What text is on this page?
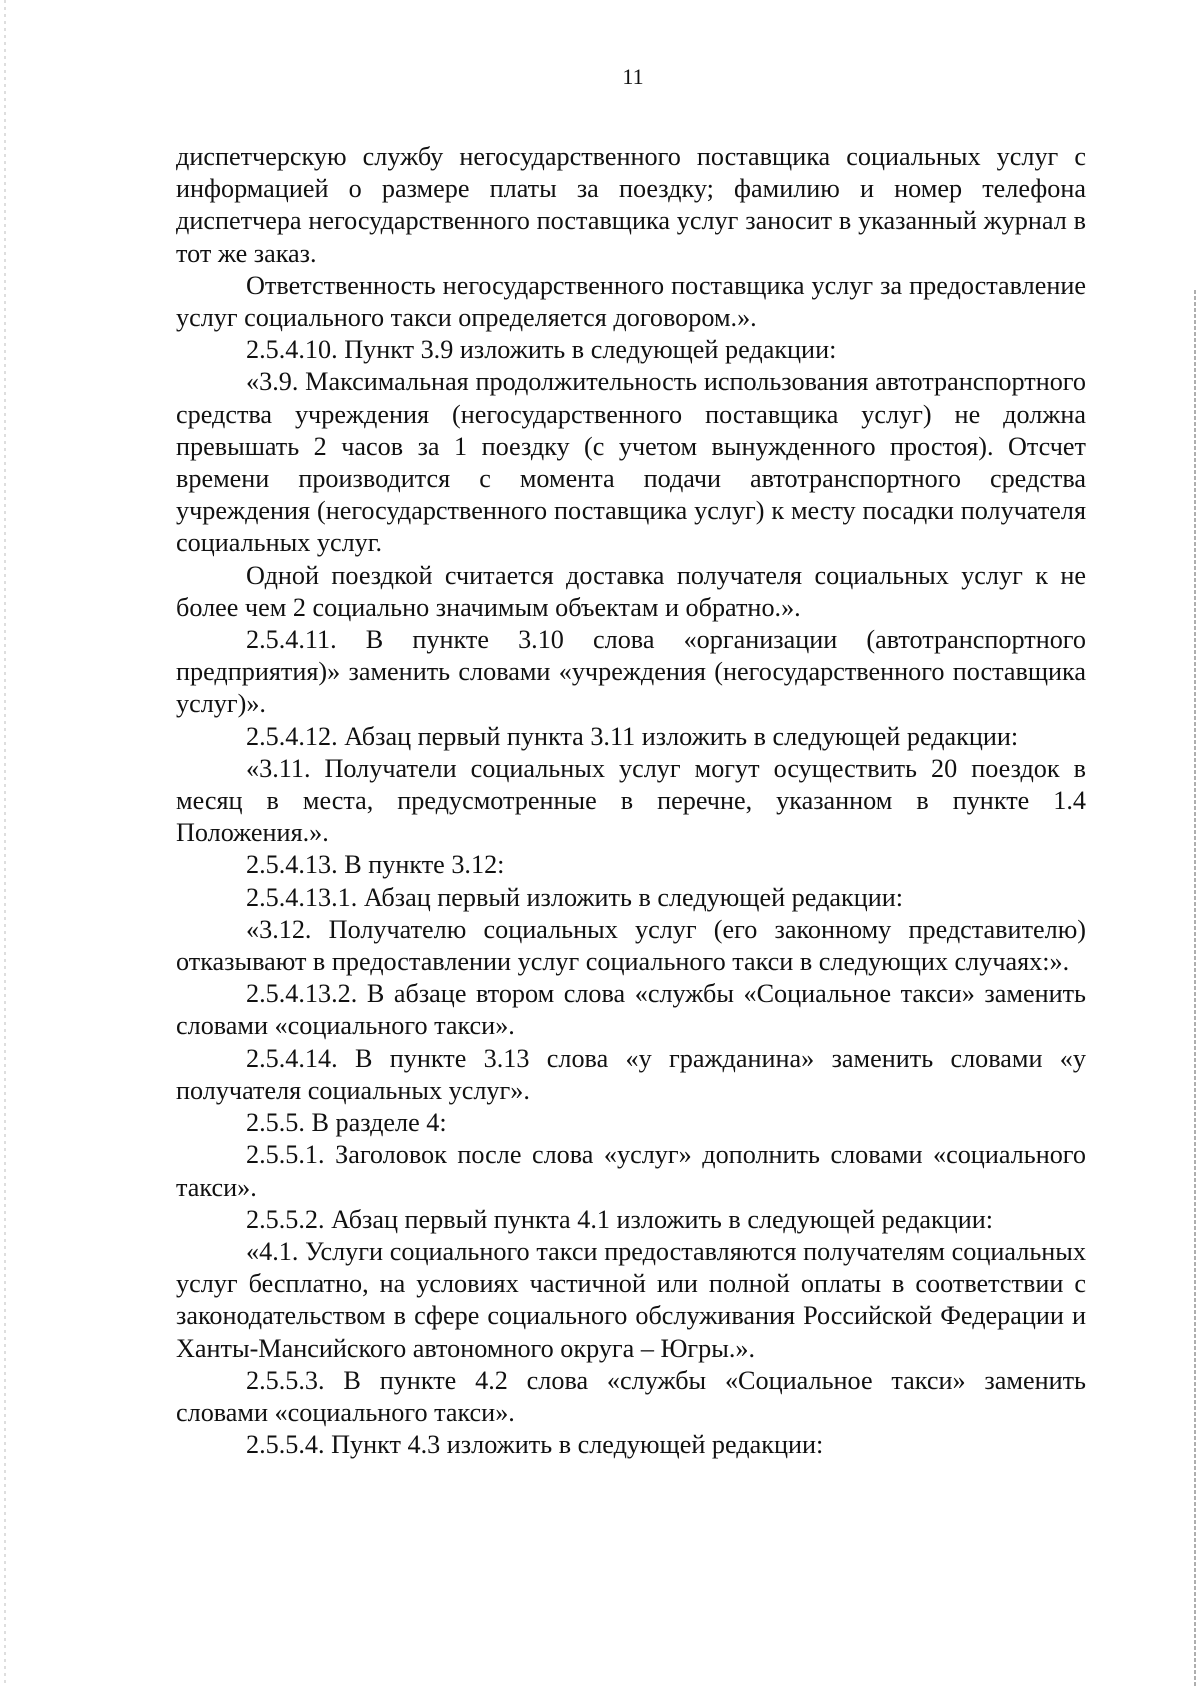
11

диспетчерскую службу негосударственного поставщика социальных услуг с информацией о размере платы за поездку; фамилию и номер телефона диспетчера негосударственного поставщика услуг заносит в указанный журнал в тот же заказ.

Ответственность негосударственного поставщика услуг за предоставление услуг социального такси определяется договором.».

2.5.4.10. Пункт 3.9 изложить в следующей редакции:

«3.9. Максимальная продолжительность использования автотранспортного средства учреждения (негосударственного поставщика услуг) не должна превышать 2 часов за 1 поездку (с учетом вынужденного простоя). Отсчет времени производится с момента подачи автотранспортного средства учреждения (негосударственного поставщика услуг) к месту посадки получателя социальных услуг.

Одной поездкой считается доставка получателя социальных услуг к не более чем 2 социально значимым объектам и обратно.».

2.5.4.11. В пункте 3.10 слова «организации (автотранспортного предприятия)» заменить словами «учреждения (негосударственного поставщика услуг)».

2.5.4.12. Абзац первый пункта 3.11 изложить в следующей редакции:

«3.11. Получатели социальных услуг могут осуществить 20 поездок в месяц в места, предусмотренные в перечне, указанном в пункте 1.4 Положения.».

2.5.4.13. В пункте 3.12:

2.5.4.13.1. Абзац первый изложить в следующей редакции:

«3.12. Получателю социальных услуг (его законному представителю) отказывают в предоставлении услуг социального такси в следующих случаях:».

2.5.4.13.2. В абзаце втором слова «службы «Социальное такси» заменить словами «социального такси».

2.5.4.14. В пункте 3.13 слова «у гражданина» заменить словами «у получателя социальных услуг».

2.5.5. В разделе 4:

2.5.5.1. Заголовок после слова «услуг» дополнить словами «социального такси».

2.5.5.2. Абзац первый пункта 4.1 изложить в следующей редакции:

«4.1. Услуги социального такси предоставляются получателям социальных услуг бесплатно, на условиях частичной или полной оплаты в соответствии с законодательством в сфере социального обслуживания Российской Федерации и Ханты-Мансийского автономного округа – Югры.».

2.5.5.3. В пункте 4.2 слова «службы «Социальное такси» заменить словами «социального такси».

2.5.5.4. Пункт 4.3 изложить в следующей редакции:
